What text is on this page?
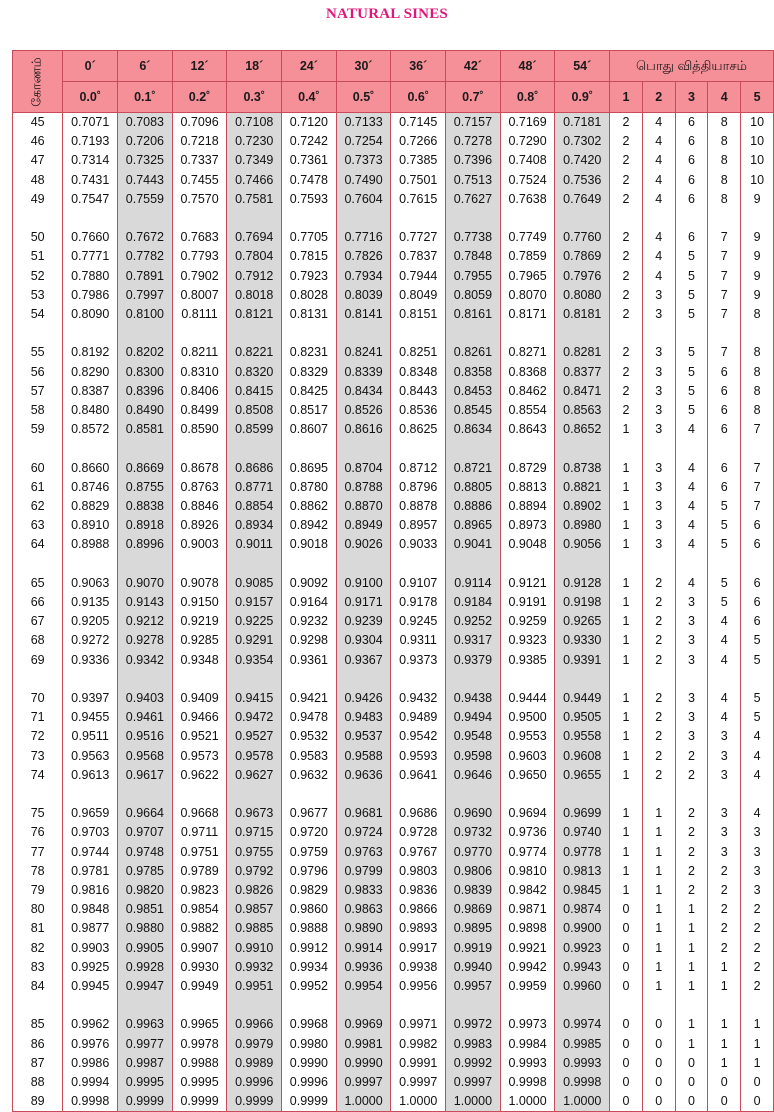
NATURAL SINES
கோணம்	0´	6´	12´	18´	24´	30´	36´	42´	48´	54´	பொது வித்தியாசம்				
	0.0˚	0.1˚	0.2˚	0.3˚	0.4˚	0.5˚	0.6˚	0.7˚	0.8˚	0.9˚	1	2	3	4	5
45	0.7071	0.7083	0.7096	0.7108	0.7120	0.7133	0.7145	0.7157	0.7169	0.7181	2	4	6	8	10
46	0.7193	0.7206	0.7218	0.7230	0.7242	0.7254	0.7266	0.7278	0.7290	0.7302	2	4	6	8	10
47	0.7314	0.7325	0.7337	0.7349	0.7361	0.7373	0.7385	0.7396	0.7408	0.7420	2	4	6	8	10
48	0.7431	0.7443	0.7455	0.7466	0.7478	0.7490	0.7501	0.7513	0.7524	0.7536	2	4	6	8	10
49	0.7547	0.7559	0.7570	0.7581	0.7593	0.7604	0.7615	0.7627	0.7638	0.7649	2	4	6	8	9

50	0.7660	0.7672	0.7683	0.7694	0.7705	0.7716	0.7727	0.7738	0.7749	0.7760	2	4	6	7	9
51	0.7771	0.7782	0.7793	0.7804	0.7815	0.7826	0.7837	0.7848	0.7859	0.7869	2	4	5	7	9
52	0.7880	0.7891	0.7902	0.7912	0.7923	0.7934	0.7944	0.7955	0.7965	0.7976	2	4	5	7	9
53	0.7986	0.7997	0.8007	0.8018	0.8028	0.8039	0.8049	0.8059	0.8070	0.8080	2	3	5	7	9
54	0.8090	0.8100	0.8111	0.8121	0.8131	0.8141	0.8151	0.8161	0.8171	0.8181	2	3	5	7	8

55	0.8192	0.8202	0.8211	0.8221	0.8231	0.8241	0.8251	0.8261	0.8271	0.8281	2	3	5	7	8
56	0.8290	0.8300	0.8310	0.8320	0.8329	0.8339	0.8348	0.8358	0.8368	0.8377	2	3	5	6	8
57	0.8387	0.8396	0.8406	0.8415	0.8425	0.8434	0.8443	0.8453	0.8462	0.8471	2	3	5	6	8
58	0.8480	0.8490	0.8499	0.8508	0.8517	0.8526	0.8536	0.8545	0.8554	0.8563	2	3	5	6	8
59	0.8572	0.8581	0.8590	0.8599	0.8607	0.8616	0.8625	0.8634	0.8643	0.8652	1	3	4	6	7

60	0.8660	0.8669	0.8678	0.8686	0.8695	0.8704	0.8712	0.8721	0.8729	0.8738	1	3	4	6	7
61	0.8746	0.8755	0.8763	0.8771	0.8780	0.8788	0.8796	0.8805	0.8813	0.8821	1	3	4	6	7
62	0.8829	0.8838	0.8846	0.8854	0.8862	0.8870	0.8878	0.8886	0.8894	0.8902	1	3	4	5	7
63	0.8910	0.8918	0.8926	0.8934	0.8942	0.8949	0.8957	0.8965	0.8973	0.8980	1	3	4	5	6
64	0.8988	0.8996	0.9003	0.9011	0.9018	0.9026	0.9033	0.9041	0.9048	0.9056	1	3	4	5	6

65	0.9063	0.9070	0.9078	0.9085	0.9092	0.9100	0.9107	0.9114	0.9121	0.9128	1	2	4	5	6
66	0.9135	0.9143	0.9150	0.9157	0.9164	0.9171	0.9178	0.9184	0.9191	0.9198	1	2	3	5	6
67	0.9205	0.9212	0.9219	0.9225	0.9232	0.9239	0.9245	0.9252	0.9259	0.9265	1	2	3	4	6
68	0.9272	0.9278	0.9285	0.9291	0.9298	0.9304	0.9311	0.9317	0.9323	0.9330	1	2	3	4	5
69	0.9336	0.9342	0.9348	0.9354	0.9361	0.9367	0.9373	0.9379	0.9385	0.9391	1	2	3	4	5

70	0.9397	0.9403	0.9409	0.9415	0.9421	0.9426	0.9432	0.9438	0.9444	0.9449	1	2	3	4	5
71	0.9455	0.9461	0.9466	0.9472	0.9478	0.9483	0.9489	0.9494	0.9500	0.9505	1	2	3	4	5
72	0.9511	0.9516	0.9521	0.9527	0.9532	0.9537	0.9542	0.9548	0.9553	0.9558	1	2	3	3	4
73	0.9563	0.9568	0.9573	0.9578	0.9583	0.9588	0.9593	0.9598	0.9603	0.9608	1	2	2	3	4
74	0.9613	0.9617	0.9622	0.9627	0.9632	0.9636	0.9641	0.9646	0.9650	0.9655	1	2	2	3	4

75	0.9659	0.9664	0.9668	0.9673	0.9677	0.9681	0.9686	0.9690	0.9694	0.9699	1	1	2	3	4
76	0.9703	0.9707	0.9711	0.9715	0.9720	0.9724	0.9728	0.9732	0.9736	0.9740	1	1	2	3	3
77	0.9744	0.9748	0.9751	0.9755	0.9759	0.9763	0.9767	0.9770	0.9774	0.9778	1	1	2	3	3
78	0.9781	0.9785	0.9789	0.9792	0.9796	0.9799	0.9803	0.9806	0.9810	0.9813	1	1	2	2	3
79	0.9816	0.9820	0.9823	0.9826	0.9829	0.9833	0.9836	0.9839	0.9842	0.9845	1	1	2	2	3
80	0.9848	0.9851	0.9854	0.9857	0.9860	0.9863	0.9866	0.9869	0.9871	0.9874	0	1	1	2	2
81	0.9877	0.9880	0.9882	0.9885	0.9888	0.9890	0.9893	0.9895	0.9898	0.9900	0	1	1	2	2
82	0.9903	0.9905	0.9907	0.9910	0.9912	0.9914	0.9917	0.9919	0.9921	0.9923	0	1	1	2	2
83	0.9925	0.9928	0.9930	0.9932	0.9934	0.9936	0.9938	0.9940	0.9942	0.9943	0	1	1	1	2
84	0.9945	0.9947	0.9949	0.9951	0.9952	0.9954	0.9956	0.9957	0.9959	0.9960	0	1	1	1	2

85	0.9962	0.9963	0.9965	0.9966	0.9968	0.9969	0.9971	0.9972	0.9973	0.9974	0	0	1	1	1
86	0.9976	0.9977	0.9978	0.9979	0.9980	0.9981	0.9982	0.9983	0.9984	0.9985	0	0	1	1	1
87	0.9986	0.9987	0.9988	0.9989	0.9990	0.9990	0.9991	0.9992	0.9993	0.9993	0	0	0	1	1
88	0.9994	0.9995	0.9995	0.9996	0.9996	0.9997	0.9997	0.9997	0.9998	0.9998	0	0	0	0	0
89	0.9998	0.9999	0.9999	0.9999	0.9999	1.0000	1.0000	1.0000	1.0000	1.0000	0	0	0	0	0
